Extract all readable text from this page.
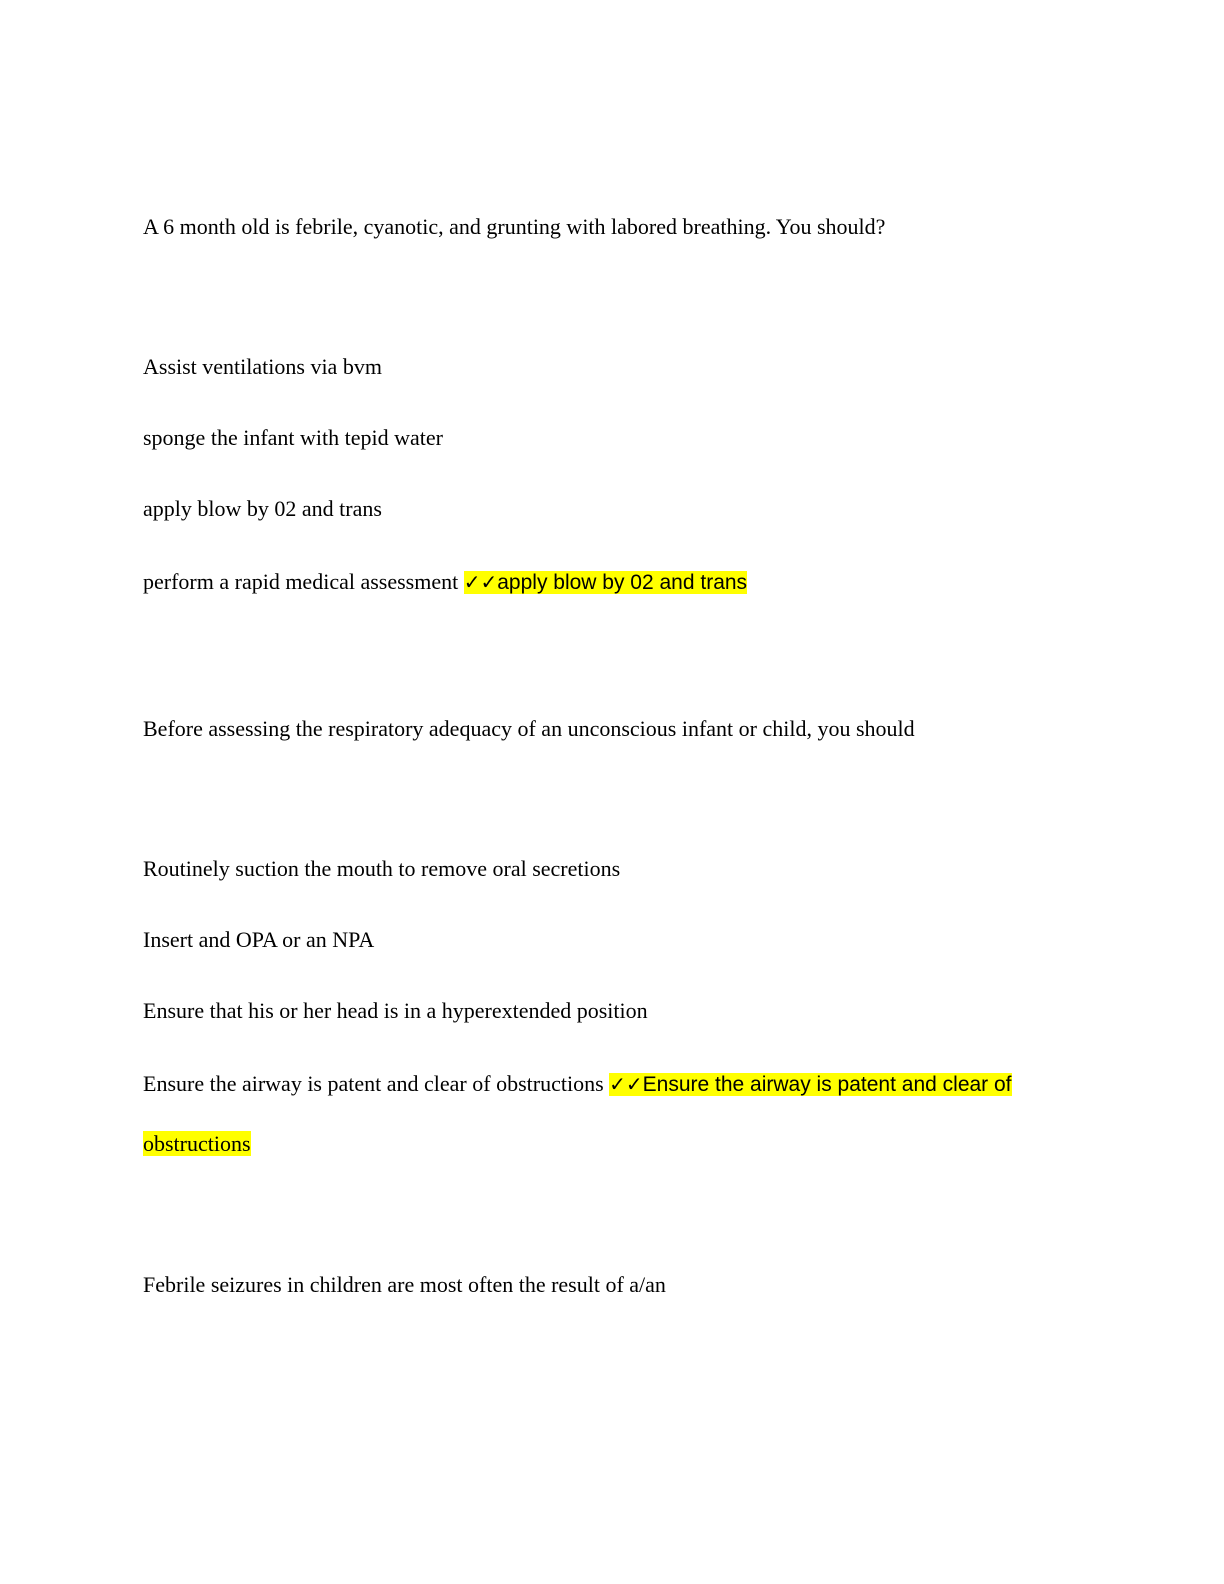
A 6 month old is febrile, cyanotic, and grunting with labored breathing. You should?
Assist ventilations via bvm
sponge the infant with tepid water
apply blow by 02 and trans
perform a rapid medical assessment ✓✓apply blow by 02 and trans
Before assessing the respiratory adequacy of an unconscious infant or child, you should
Routinely suction the mouth to remove oral secretions
Insert and OPA or an NPA
Ensure that his or her head is in a hyperextended position
Ensure the airway is patent and clear of obstructions ✓✓Ensure the airway is patent and clear of
obstructions
Febrile seizures in children are most often the result of a/an
